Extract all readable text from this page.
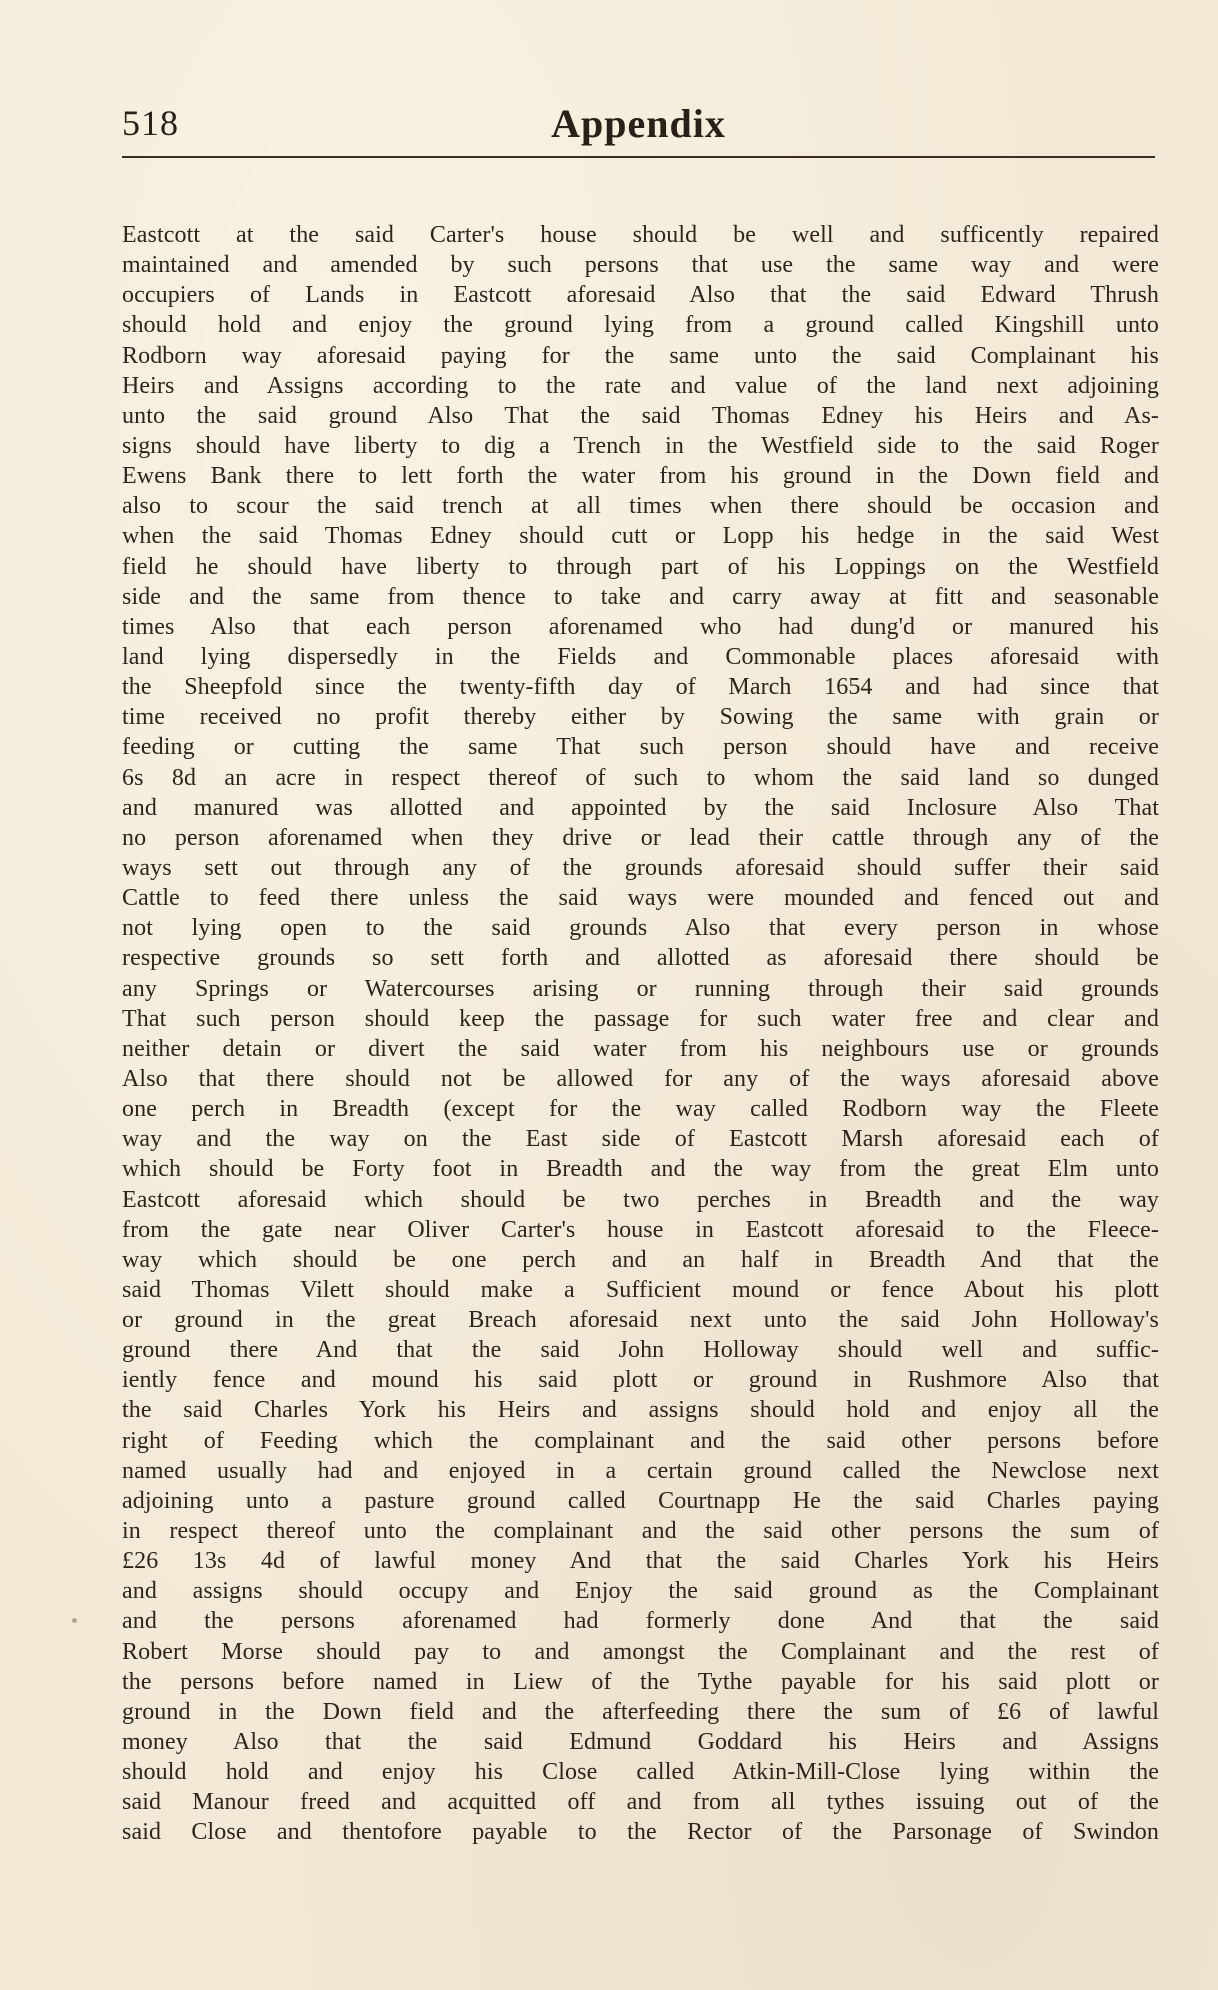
518	Appendix
Eastcott at the said Carter's house should be well and sufficently repaired
maintained and amended by such persons that use the same way and were
occupiers of Lands in Eastcott aforesaid Also that the said Edward Thrush
should hold and enjoy the ground lying from a ground called Kingshill unto
Rodborn way aforesaid paying for the same unto the said Complainant his
Heirs and Assigns according to the rate and value of the land next adjoining
unto the said ground Also That the said Thomas Edney his Heirs and As-
signs should have liberty to dig a Trench in the Westfield side to the said Roger
Ewens Bank there to lett forth the water from his ground in the Down field and
also to scour the said trench at all times when there should be occasion and
when the said Thomas Edney should cutt or Lopp his hedge in the said West
field he should have liberty to through part of his Loppings on the Westfield
side and the same from thence to take and carry away at fitt and seasonable
times Also that each person aforenamed who had dung'd or manured his
land lying dispersedly in the Fields and Commonable places aforesaid with
the Sheepfold since the twenty-fifth day of March 1654 and had since that
time received no profit thereby either by Sowing the same with grain or
feeding or cutting the same That such person should have and receive
6s 8d an acre in respect thereof of such to whom the said land so dunged
and manured was allotted and appointed by the said Inclosure Also That
no person aforenamed when they drive or lead their cattle through any of the
ways sett out through any of the grounds aforesaid should suffer their said
Cattle to feed there unless the said ways were mounded and fenced out and
not lying open to the said grounds Also that every person in whose
respective grounds so sett forth and allotted as aforesaid there should be
any Springs or Watercourses arising or running through their said grounds
That such person should keep the passage for such water free and clear and
neither detain or divert the said water from his neighbours use or grounds
Also that there should not be allowed for any of the ways aforesaid above
one perch in Breadth (except for the way called Rodborn way the Fleete
way and the way on the East side of Eastcott Marsh aforesaid each of
which should be Forty foot in Breadth and the way from the great Elm unto
Eastcott aforesaid which should be two perches in Breadth and the way
from the gate near Oliver Carter's house in Eastcott aforesaid to the Fleece-
way which should be one perch and an half in Breadth And that the
said Thomas Vilett should make a Sufficient mound or fence About his plott
or ground in the great Breach aforesaid next unto the said John Holloway's
ground there And that the said John Holloway should well and suffic-
iently fence and mound his said plott or ground in Rushmore Also that
the said Charles York his Heirs and assigns should hold and enjoy all the
right of Feeding which the complainant and the said other persons before
named usually had and enjoyed in a certain ground called the Newclose next
adjoining unto a pasture ground called Courtnapp He the said Charles paying
in respect thereof unto the complainant and the said other persons the sum of
£26 13s 4d of lawful money And that the said Charles York his Heirs
and assigns should occupy and Enjoy the said ground as the Complainant
and the persons aforenamed had formerly done And that the said
Robert Morse should pay to and amongst the Complainant and the rest of
the persons before named in Liew of the Tythe payable for his said plott or
ground in the Down field and the afterfeeding there the sum of £6 of lawful
money Also that the said Edmund Goddard his Heirs and Assigns
should hold and enjoy his Close called Atkin-Mill-Close lying within the
said Manour freed and acquitted off and from all tythes issuing out of the
said Close and thentofore payable to the Rector of the Parsonage of Swindon
